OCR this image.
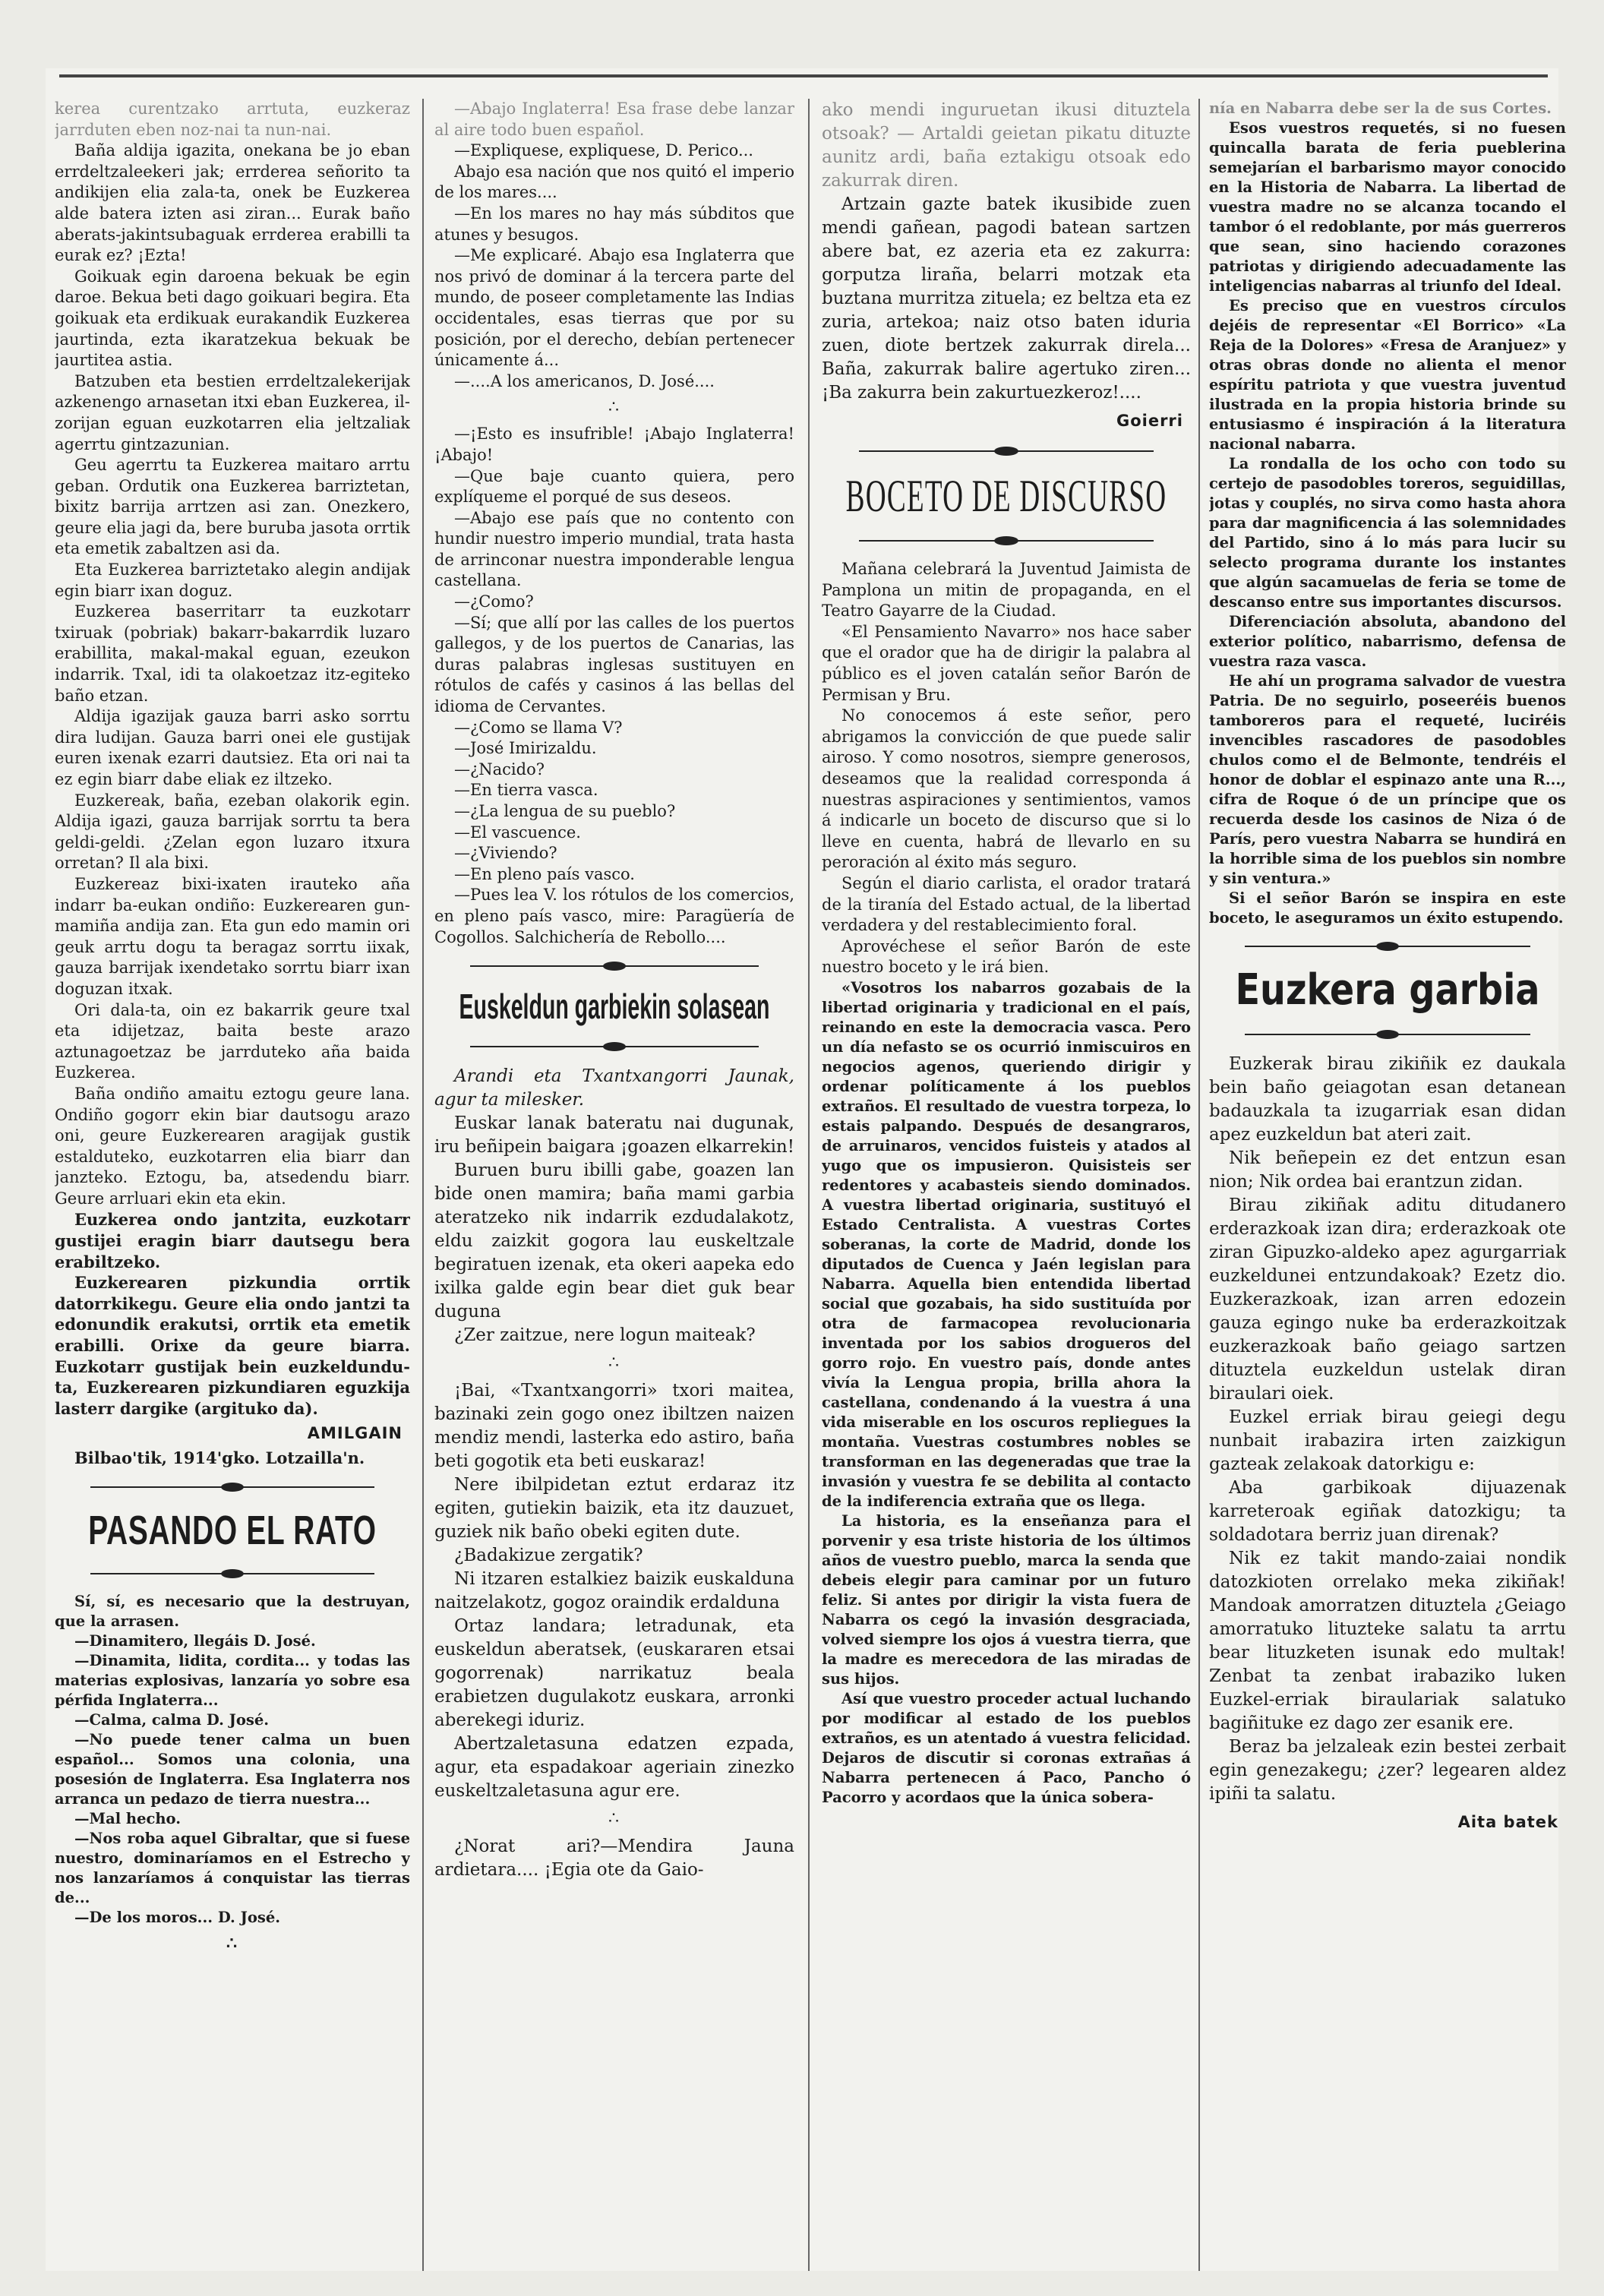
kerea curentzako arrtuta, euzkeraz jarrduten eben noz-nai ta nun-nai.

Baña aldija igazita, onekana be jo eban errdeltzaleekeri jak; errderea señorito ta andikijen elia zala-ta, onek be Euzkerea alde batera izten asi ziran... Eurak baño aberats-jakintsubaguak errderea erabilli ta eurak ez? ¡Ezta!

Goikuak egin daroena bekuak be egin daroe. Bekua beti dago goikuari begira. Eta goikuak eta erdikuak eurakandik Euzkerea jaurtinda, ezta ikaratzekua bekuak be jaurtitea astia.

Batzuben eta bestien errdeltzalekerijak azkenengo arnasetan itxi eban Euzkerea, il-zorijan eguan euzkotarren elia jeltzaliak agerrtu gintzazunian.

Geu agerrtu ta Euzkerea maitaro arrtu geban. Ordutik ona Euzkerea barriztetan, bixitz barrija arrtzen asi zan. Onezkero, geure elia jagi da, bere buruba jasota orrtik eta emetik zabaltzen asi da.

Eta Euzkerea barriztetako alegin andijak egin biarr ixan doguz.

Euzkerea baserritarr ta euzkotarr txiruak (pobriak) bakarr-bakarrdik luzaro erabillita, makal-makal eguan, ezeukon indarrik. Txal, idi ta olakoetzaz itz-egiteko baño etzan.

Aldija igazijak gauza barri asko sorrtu dira ludijan. Gauza barri onei ele gustijak euren ixenak ezarri dautsiez. Eta ori nai ta ez egin biarr dabe eliak ez iltzeko.

Euzkereak, baña, ezeban olakorik egin. Aldija igazi, gauza barrijak sorrtu ta bera geldi-geldi. ¿Zelan egon luzaro itxura orretan? Il ala bixi.

Euzkereaz bixi-ixaten irauteko aña indarr ba-eukan ondiño: Euzkerearen gun-mamiña andija zan. Eta gun edo mamin ori geuk arrtu dogu ta beragaz sorrtu iixak, gauza barrijak ixendetako sorrtu biarr ixan doguzan itxak.

Ori dala-ta, oin ez bakarrik geure txal eta idijetzaz, baita beste arazo aztunagoetzaz be jarrduteko aña baida Euzkerea.

Baña ondiño amaitu eztogu geure lana. Ondiño gogorr ekin biar dautsogu arazo oni, geure Euzkerearen aragijak gustik estalduteko, euzkotarren elia biarr dan janzteko. Eztogu, ba, atsedendu biarr. Geure arrluari ekin eta ekin.

Euzkerea ondo jantzita, euzkotarr gustijei eragin biarr dautsegu bera erabiltzeko.

Euzkerearen pizkundia orrtik datorrkikegu. Geure elia ondo jantzi ta edonundik erakutsi, orrtik eta emetik erabilli. Orixe da geure biarra. Euzkotarr gustijak bein euzkeldundu-ta, Euzkerearen pizkundiaren eguzkija lasterr dargike (argituko da).

AMILGAIN

Bilbao'tik, 1914'gko. Lotzailla'n.

PASANDO EL RATO

Sí, sí, es necesario que la destruyan, que la arrasen.

—Dinamitero, llegáis D. José.

—Dinamita, lidita, cordita... y todas las materias explosivas, lanzaría yo sobre esa pérfida Inglaterra...

—Calma, calma D. José.

—No puede tener calma un buen español... Somos una colonia, una posesión de Inglaterra. Esa Inglaterra nos arranca un pedazo de tierra nuestra...

—Mal hecho.

—Nos roba aquel Gibraltar, que si fuese nuestro, dominaríamos en el Estrecho y nos lanzaríamos á conquistar las tierras de...

—De los moros... D. José.

∴

—Abajo Inglaterra! Esa frase debe lanzar al aire todo buen español.

—Expliquese, expliquese, D. Perico...

Abajo esa nación que nos quitó el imperio de los mares....

—En los mares no hay más súbditos que atunes y besugos.

—Me explicaré. Abajo esa Inglaterra que nos privó de dominar á la tercera parte del mundo, de poseer completamente las Indias occidentales, esas tierras que por su posición, por el derecho, debían pertenecer únicamente á...

—....A los americanos, D. José....

∴

—¡Esto es insufrible! ¡Abajo Inglaterra! ¡Abajo!

—Que baje cuanto quiera, pero explíqueme el porqué de sus deseos.

—Abajo ese país que no contento con hundir nuestro imperio mundial, trata hasta de arrinconar nuestra imponderable lengua castellana.

—¿Como?

—Sí; que allí por las calles de los puertos gallegos, y de los puertos de Canarias, las duras palabras inglesas sustituyen en rótulos de cafés y casinos á las bellas del idioma de Cervantes.

—¿Como se llama V?

—José Imirizaldu.

—¿Nacido?

—En tierra vasca.

—¿La lengua de su pueblo?

—El vascuence.

—¿Viviendo?

—En pleno país vasco.

—Pues lea V. los rótulos de los comercios, en pleno país vasco, mire: Paragüería de Cogollos. Salchichería de Rebollo....

Euskeldun garbiekin solasean

Arandi eta Txantxangorri Jaunak, agur ta milesker.

Euskar lanak bateratu nai dugunak, iru beñipein baigara ¡goazen elkarrekin!

Buruen buru ibilli gabe, goazen lan bide onen mamira; baña mami garbia ateratzeko nik indarrik ezdudalakotz, eldu zaizkit gogora lau euskeltzale begiratuen izenak, eta okeri aapeka edo ixilka galde egin bear diet guk bear duguna

¿Zer zaitzue, nere logun maiteak?

∴

¡Bai, «Txantxangorri» txori maitea, bazinaki zein gogo onez ibiltzen naizen mendiz mendi, lasterka edo astiro, baña beti gogotik eta beti euskaraz!

Nere ibilpidetan eztut erdaraz itz egiten, gutiekin baizik, eta itz dauzuet, guziek nik baño obeki egiten dute.

¿Badakizue zergatik?

Ni itzaren estalkiez baizik euskalduna naitzelakotz, gogoz oraindik erdalduna

Ortaz landara; letradunak, eta euskeldun aberatsek, (euskararen etsai gogorrenak) narrikatuz beala erabietzen dugulakotz euskara, arronki aberekegi iduriz.

Abertzaletasuna edatzen ezpada, agur, eta espadakoar ageriain zinezko euskeltzaletasuna agur ere.

∴

¿Norat ari?—Mendira Jauna ardietara.... ¡Egia ote da Gaio-

ako mendi inguruetan ikusi dituztela otsoak? — Artaldi geietan pikatu dituzte aunitz ardi, baña eztakigu otsoak edo zakurrak diren.

Artzain gazte batek ikusibide zuen mendi gañean, pagodi batean sartzen abere bat, ez azeria eta ez zakurra: gorputza liraña, belarri motzak eta buztana murritza zituela; ez beltza eta ez zuria, artekoa; naiz otso baten iduria zuen, diote bertzek zakurrak direla... Baña, zakurrak balire agertuko ziren... ¡Ba zakurra bein zakurtuezkeroz!....

Goierri
BOCETO DE DISCURSO

Mañana celebrará la Juventud Jaimista de Pamplona un mitin de propaganda, en el Teatro Gayarre de la Ciudad.

«El Pensamiento Navarro» nos hace saber que el orador que ha de dirigir la palabra al público es el joven catalán señor Barón de Permisan y Bru.

No conocemos á este señor, pero abrigamos la convicción de que puede salir airoso. Y como nosotros, siempre generosos, deseamos que la realidad corresponda á nuestras aspiraciones y sentimientos, vamos á indicarle un boceto de discurso que si lo lleve en cuenta, habrá de llevarlo en su peroración al éxito más seguro.

Según el diario carlista, el orador tratará de la tiranía del Estado actual, de la libertad verdadera y del restablecimiento foral.

Aprovéchese el señor Barón de este nuestro boceto y le irá bien.

«Vosotros los nabarros gozabais de la libertad originaria y tradicional en el país, reinando en este la democracia vasca. Pero un día nefasto se os ocurrió inmiscuiros en negocios agenos, queriendo dirigir y ordenar políticamente á los pueblos extraños. El resultado de vuestra torpeza, lo estais palpando. Después de desangraros, de arruinaros, vencidos fuisteis y atados al yugo que os impusieron. Quisisteis ser redentores y acabasteis siendo dominados. A vuestra libertad originaria, sustituyó el Estado Centralista. A vuestras Cortes soberanas, la corte de Madrid, donde los diputados de Cuenca y Jaén legislan para Nabarra. Aquella bien entendida libertad social que gozabais, ha sido sustituída por otra de farmacopea revolucionaria inventada por los sabios drogueros del gorro rojo. En vuestro país, donde antes vivía la Lengua propia, brilla ahora la castellana, condenando á la vuestra á una vida miserable en los oscuros repliegues la montaña. Vuestras costumbres nobles se transforman en las degeneradas que trae la invasión y vuestra fe se debilita al contacto de la indiferencia extraña que os llega.

La historia, es la enseñanza para el porvenir y esa triste historia de los últimos años de vuestro pueblo, marca la senda que debeis elegir para caminar por un futuro feliz. Si antes por dirigir la vista fuera de Nabarra os cegó la invasión desgraciada, volved siempre los ojos á vuestra tierra, que la madre es merecedora de las miradas de sus hijos.

Así que vuestro proceder actual luchando por modificar al estado de los pueblos extraños, es un atentado á vuestra felicidad. Dejaros de discutir si coronas extrañas á Nabarra pertenecen á Paco, Pancho ó Pacorro y acordaos que la única sobera-

nía en Nabarra debe ser la de sus Cortes.

Esos vuestros requetés, si no fuesen quincalla barata de feria pueblerina semejarían el barbarismo mayor conocido en la Historia de Nabarra. La libertad de vuestra madre no se alcanza tocando el tambor ó el redoblante, por más guerreros que sean, sino haciendo corazones patriotas y dirigiendo adecuadamente las inteligencias nabarras al triunfo del Ideal.

Es preciso que en vuestros círculos dejéis de representar «El Borrico» «La Reja de la Dolores» «Fresa de Aranjuez» y otras obras donde no alienta el menor espíritu patriota y que vuestra juventud ilustrada en la propia historia brinde su entusiasmo é inspiración á la literatura nacional nabarra.

La rondalla de los ocho con todo su certejo de pasodobles toreros, seguidillas, jotas y couplés, no sirva como hasta ahora para dar magnificencia á las solemnidades del Partido, sino á lo más para lucir su selecto programa durante los instantes que algún sacamuelas de feria se tome de descanso entre sus importantes discursos.

Diferenciación absoluta, abandono del exterior político, nabarrismo, defensa de vuestra raza vasca.

He ahí un programa salvador de vuestra Patria. De no seguirlo, poseeréis buenos tamboreros para el requeté, luciréis invencibles rascadores de pasodobles chulos como el de Belmonte, tendréis el honor de doblar el espinazo ante una R..., cifra de Roque ó de un príncipe que os recuerda desde los casinos de Niza ó de París, pero vuestra Nabarra se hundirá en la horrible sima de los pueblos sin nombre y sin ventura.»

Si el señor Barón se inspira en este boceto, le aseguramos un éxito estupendo.

Euzkera garbia

Euzkerak birau zikiñik ez daukala bein baño geiagotan esan detanean badauzkala ta izugarriak esan didan apez euzkeldun bat ateri zait.

Nik beñepein ez det entzun esan nion; Nik ordea bai erantzun zidan.

Birau zikiñak aditu ditudanero erderazkoak izan dira; erderazkoak ote ziran Gipuzko-aldeko apez agurgarriak euzkeldunei entzundakoak? Ezetz dio. Euzkerazkoak, izan arren edozein gauza egingo nuke ba erderazkoitzak euzkerazkoak baño geiago sartzen dituztela euzkeldun ustelak diran biraulari oiek.

Euzkel erriak birau geiegi degu nunbait irabazira irten zaizkigun gazteak zelakoak datorkigu e:

Aba garbikoak dijuazenak karreteroak egiñak datozkigu; ta soldadotara berriz juan direnak?

Nik ez takit mando-zaiai nondik datozkioten orrelako meka zikiñak! Mandoak amorratzen dituztela ¿Geiago amorratuko lituzteke salatu ta arrtu bear lituzketen isunak edo multak! Zenbat ta zenbat irabaziko luken Euzkel-erriak biraulariak salatuko bagiñituke ez dago zer esanik ere.

Beraz ba jelzaleak ezin bestei zerbait egin genezakegu; ¿zer? legearen aldez ipiñi ta salatu.

Aita batek
